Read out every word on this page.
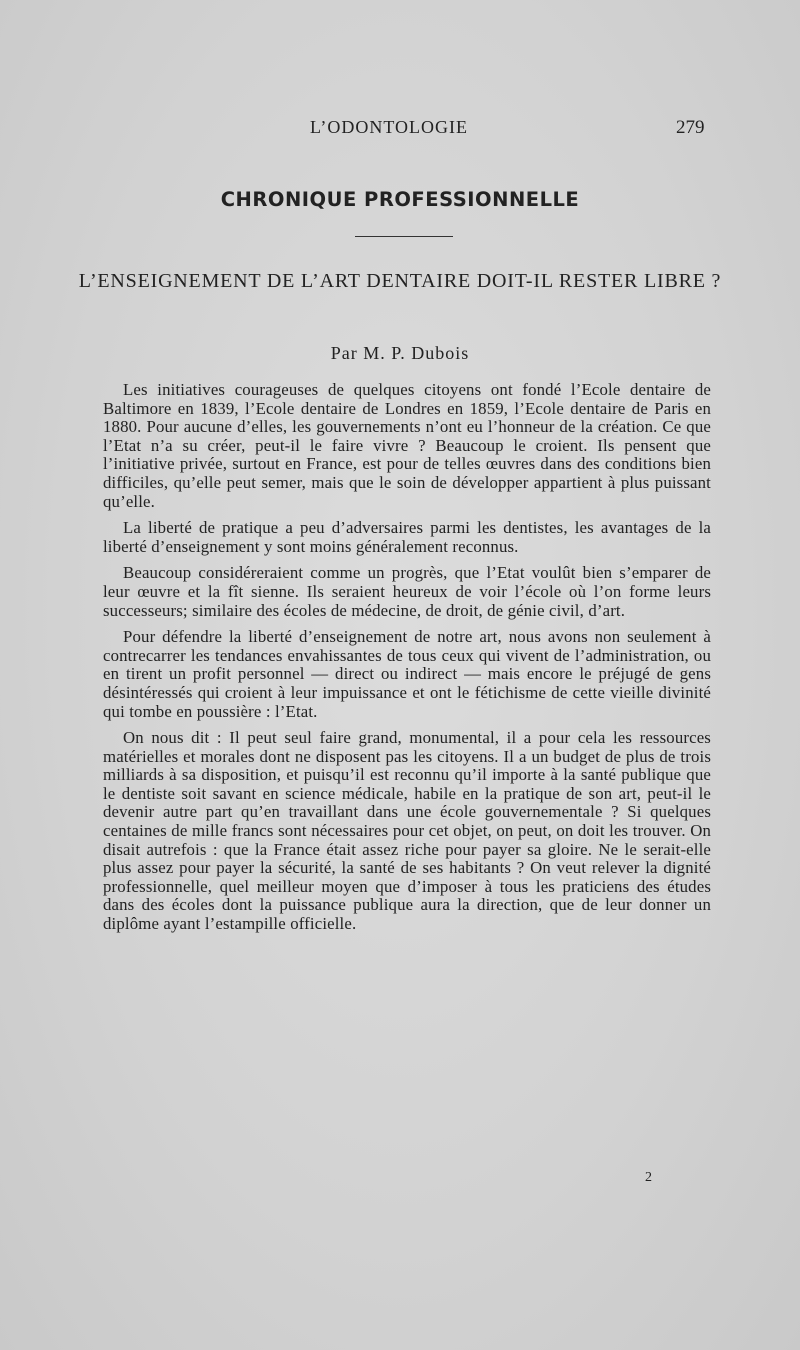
L’ODONTOLOGIE	279
CHRONIQUE PROFESSIONNELLE
L’ENSEIGNEMENT DE L’ART DENTAIRE DOIT-IL RESTER LIBRE ?
Par M. P. Dubois

Les initiatives courageuses de quelques citoyens ont fondé l’Ecole dentaire de Baltimore en 1839, l’Ecole dentaire de Londres en 1859, l’Ecole dentaire de Paris en 1880. Pour aucune d’elles, les gouvernements n’ont eu l’honneur de la création. Ce que l’Etat n’a su créer, peut-il le faire vivre ? Beaucoup le croient. Ils pensent que l’initiative privée, surtout en France, est pour de telles œuvres dans des conditions bien difficiles, qu’elle peut semer, mais que le soin de développer appartient à plus puissant qu’elle.

La liberté de pratique a peu d’adversaires parmi les dentistes, les avantages de la liberté d’enseignement y sont moins généralement reconnus.

Beaucoup considéreraient comme un progrès, que l’Etat voulût bien s’emparer de leur œuvre et la fît sienne. Ils seraient heureux de voir l’école où l’on forme leurs successeurs; similaire des écoles de médecine, de droit, de génie civil, d’art.

Pour défendre la liberté d’enseignement de notre art, nous avons non seulement à contrecarrer les tendances envahissantes de tous ceux qui vivent de l’administration, ou en tirent un profit personnel — direct ou indirect — mais encore le préjugé de gens désintéressés qui croient à leur impuissance et ont le fétichisme de cette vieille divinité qui tombe en poussière : l’Etat.

On nous dit : Il peut seul faire grand, monumental, il a pour cela les ressources matérielles et morales dont ne disposent pas les citoyens. Il a un budget de plus de trois milliards à sa disposition, et puisqu’il est reconnu qu’il importe à la santé publique que le dentiste soit savant en science médicale, habile en la pratique de son art, peut-il le devenir autre part qu’en travaillant dans une école gouvernementale ? Si quelques centaines de mille francs sont nécessaires pour cet objet, on peut, on doit les trouver. On disait autrefois : que la France était assez riche pour payer sa gloire. Ne le serait-elle plus assez pour payer la sécurité, la santé de ses habitants ? On veut relever la dignité professionnelle, quel meilleur moyen que d’imposer à tous les praticiens des études dans des écoles dont la puissance publique aura la direction, que de leur donner un diplôme ayant l’estampille officielle.

2
